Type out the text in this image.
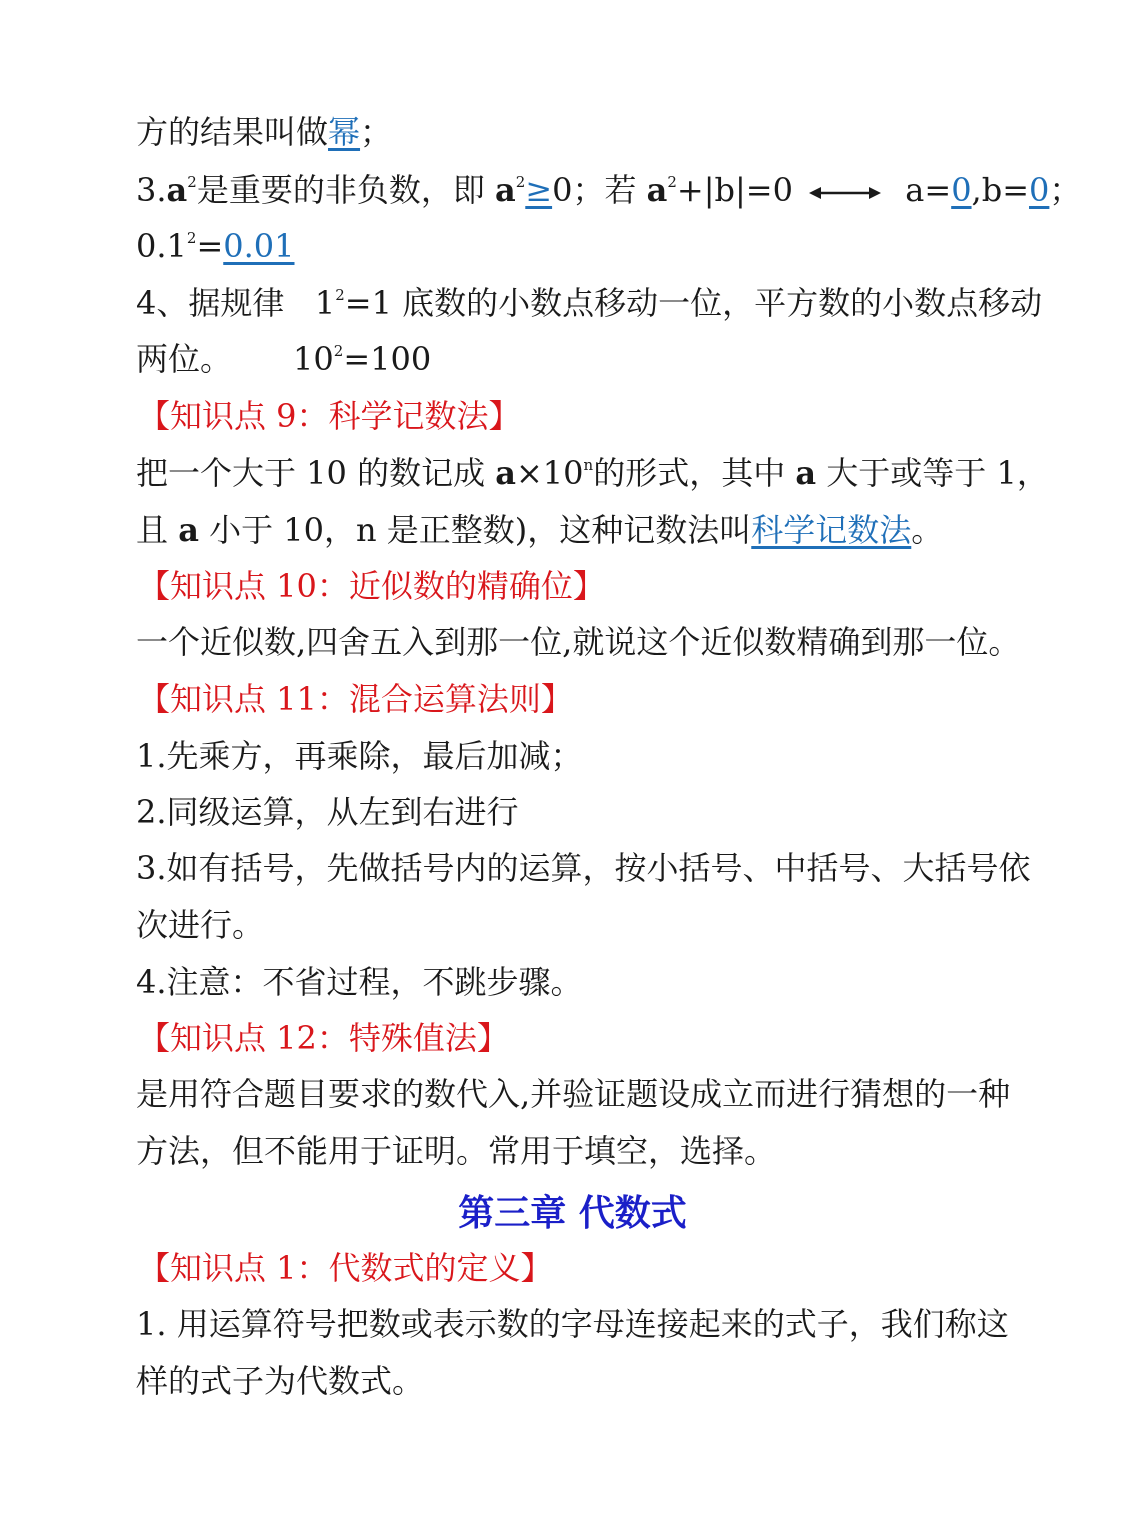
方的结果叫做幂；
$3.a^2$是重要的非负数，即 $a^2\ge 0$；若 $a^2+|b|=0$	a=0,b=0；
$0.1^2=0.01$
4、据规律 $1^2=1$ 底数的小数点移动一位，平方数的小数点移动
两位。 $10^2=100$
【知识点 9：科学记数法】
把一个大于 10 的数记成 $a\times 10^n$的形式，其中 a 大于或等于 1，
且 a 小于 10，n 是正整数)，这种记数法叫科学记数法。
【知识点 10：近似数的精确位】
一个近似数,四舍五入到那一位,就说这个近似数精确到那一位。
【知识点 11：混合运算法则】
1.先乘方，再乘除，最后加减；
2.同级运算，从左到右进行
3.如有括号，先做括号内的运算，按小括号、中括号、大括号依
次进行。
4.注意：不省过程，不跳步骤。
【知识点 12：特殊值法】
是用符合题目要求的数代入,并验证题设成立而进行猜想的一种
方法，但不能用于证明。常用于填空，选择。
第三章 代数式
【知识点 1：代数式的定义】
1. 用运算符号把数或表示数的字母连接起来的式子，我们称这
样的式子为代数式。
